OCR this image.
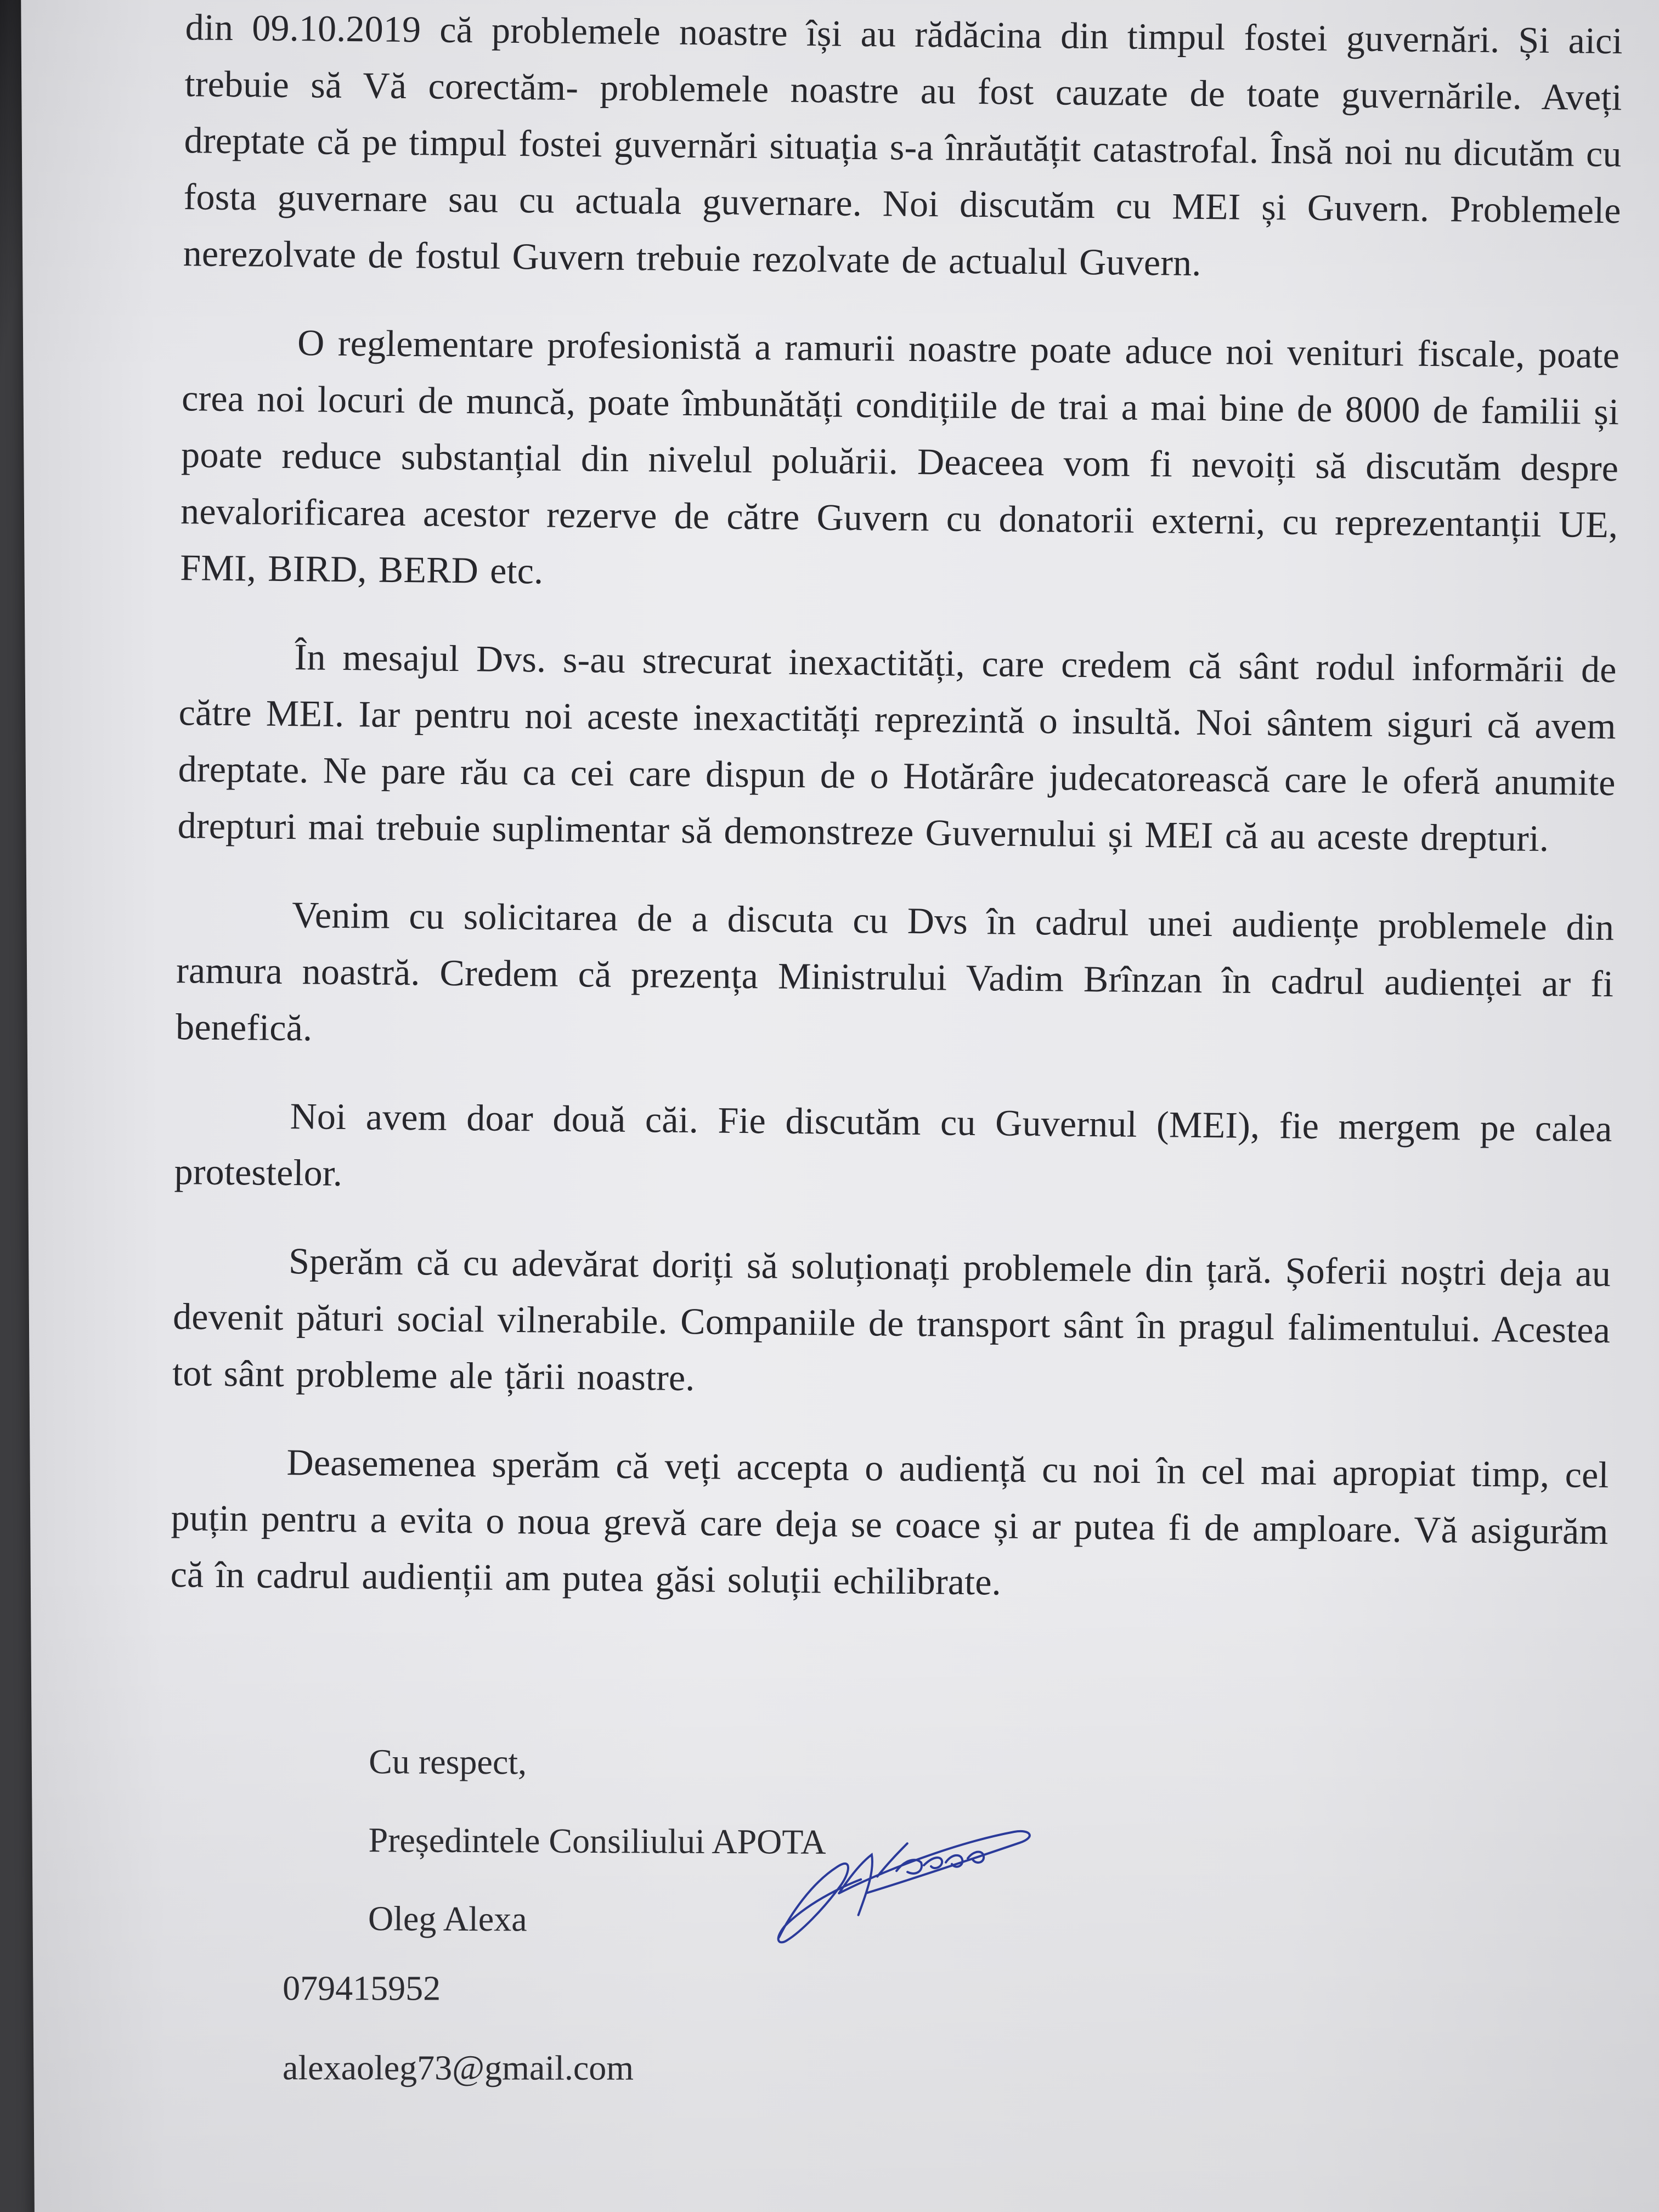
din 09.10.2019 că problemele noastre își au rădăcina din timpul fostei guvernări. Și aici trebuie să Vă corectăm- problemele noastre au fost cauzate de toate guvernările. Aveți dreptate că pe timpul fostei guvernări situația s-a înrăutățit catastrofal. Însă noi nu dicutăm cu fosta guvernare sau cu actuala guvernare. Noi discutăm cu MEI și Guvern. Problemele nerezolvate de fostul Guvern trebuie rezolvate de actualul Guvern.

O reglementare profesionistă a ramurii noastre poate aduce noi venituri fiscale, poate crea noi locuri de muncă, poate îmbunătăți condițiile de trai a mai bine de 8000 de familii și poate reduce substanțial din nivelul poluării. Deaceea vom fi nevoiți să discutăm despre nevalorificarea acestor rezerve de către Guvern cu donatorii externi, cu reprezentanții UE, FMI, BIRD, BERD etc.

În mesajul Dvs. s-au strecurat inexactități, care credem că sânt rodul informării de către MEI. Iar pentru noi aceste inexactități reprezintă o insultă. Noi sântem siguri că avem dreptate. Ne pare rău ca cei care dispun de o Hotărâre judecatorească care le oferă anumite drepturi mai trebuie suplimentar să demonstreze Guvernului și MEI că au aceste drepturi.

Venim cu solicitarea de a discuta cu Dvs în cadrul unei audiențe problemele din ramura noastră. Credem că prezența Ministrului Vadim Brînzan în cadrul audienței ar fi benefică.

Noi avem doar două căi. Fie discutăm cu Guvernul (MEI), fie mergem pe calea protestelor.

Sperăm că cu adevărat doriți să soluționați problemele din țară. Șoferii noștri deja au devenit pături social vilnerabile. Companiile de transport sânt în pragul falimentului. Acestea tot sânt probleme ale țării noastre.

Deasemenea sperăm că veți accepta o audiență cu noi în cel mai apropiat timp, cel puțin pentru a evita o noua grevă care deja se coace și ar putea fi de amploare. Vă asigurăm că în cadrul audienții am putea găsi soluții echilibrate.

Cu respect,
Președintele Consiliului APOTA
Oleg Alexa
079415952
alexaoleg73@gmail.com
